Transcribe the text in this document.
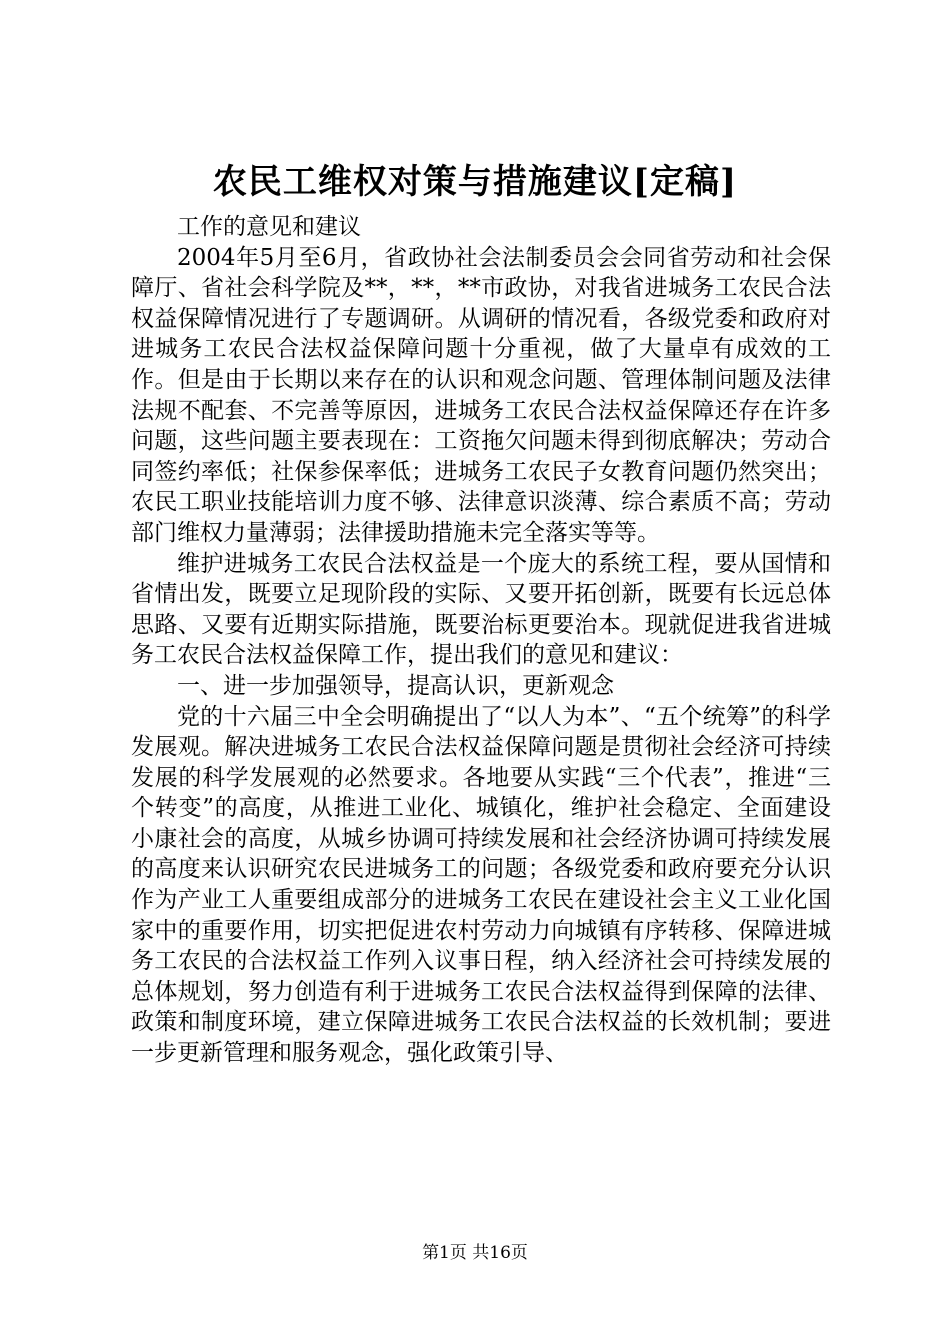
农民工维权对策与措施建议[定稿]

工作的意见和建议

2004年5月至6月，省政协社会法制委员会会同省劳动和社会保障厅、省社会科学院及**，**，**市政协，对我省进城务工农民合法权益保障情况进行了专题调研。从调研的情况看，各级党委和政府对进城务工农民合法权益保障问题十分重视，做了大量卓有成效的工作。但是由于长期以来存在的认识和观念问题、管理体制问题及法律法规不配套、不完善等原因，进城务工农民合法权益保障还存在许多问题，这些问题主要表现在：工资拖欠问题未得到彻底解决；劳动合同签约率低；社保参保率低；进城务工农民子女教育问题仍然突出；农民工职业技能培训力度不够、法律意识淡薄、综合素质不高；劳动部门维权力量薄弱；法律援助措施未完全落实等等。

维护进城务工农民合法权益是一个庞大的系统工程，要从国情和省情出发，既要立足现阶段的实际、又要开拓创新，既要有长远总体思路、又要有近期实际措施，既要治标更要治本。现就促进我省进城务工农民合法权益保障工作，提出我们的意见和建议：

一、进一步加强领导，提高认识，更新观念

党的十六届三中全会明确提出了“以人为本”、“五个统筹”的科学发展观。解决进城务工农民合法权益保障问题是贯彻社会经济可持续发展的科学发展观的必然要求。各地要从实践“三个代表”，推进“三个转变”的高度，从推进工业化、城镇化，维护社会稳定、全面建设小康社会的高度，从城乡协调可持续发展和社会经济协调可持续发展的高度来认识研究农民进城务工的问题；各级党委和政府要充分认识作为产业工人重要组成部分的进城务工农民在建设社会主义工业化国家中的重要作用，切实把促进农村劳动力向城镇有序转移、保障进城务工农民的合法权益工作列入议事日程，纳入经济社会可持续发展的总体规划，努力创造有利于进城务工农民合法权益得到保障的法律、政策和制度环境，建立保障进城务工农民合法权益的长效机制；要进一步更新管理和服务观念，强化政策引导、

第1页 共16页
